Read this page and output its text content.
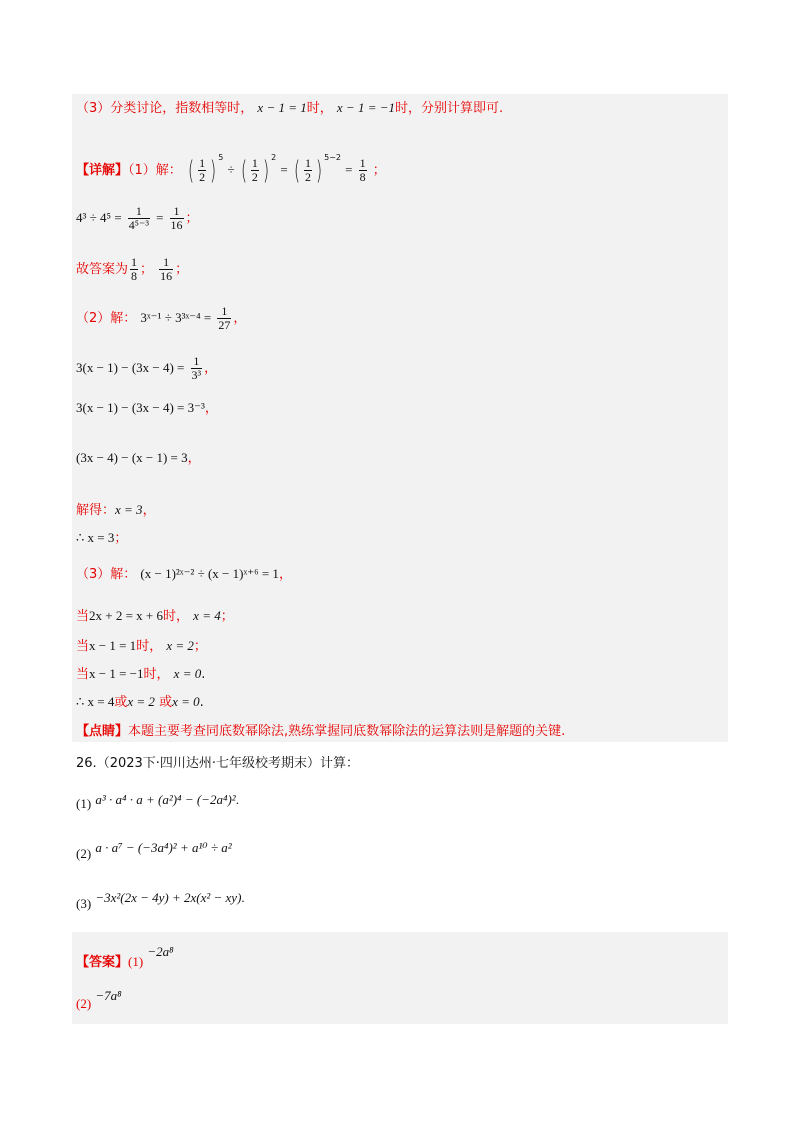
（3）分类讨论，指数相等时， x − 1 = 1时， x − 1 = −1时，分别计算即可.
【详解】（1）解： ( $\frac{1}{2}$ ) $^5$ ÷ ( $\frac{1}{2}$ ) $^2$ = ( $\frac{1}{2}$ ) $^{5-2} = \frac{1}{8}$ ；
$4^3 \div 4^5 = \frac{1}{\text{4⁵⁻³}} = \frac{1}{16}$ ；
故答案为 $\frac{1}{8}$ ； $\frac{1}{16}$ ；
（2）解： 3ˣ⁻¹ ÷ 3³ˣ⁻⁴ = $\frac{1}{27}$ ，
$3(x - 1) - (3x - 4) = \frac{1}{\text{3³}}$ ，
3(x − 1) − (3x − 4) = 3⁻³，
(3x − 4) − (x − 1) = 3，
解得：x = 3，
∴ x = 3；
（3）解： (x − 1)²ˣ⁻² ÷ (x − 1)ˣ⁺⁶ = 1，
当2x + 2 = x + 6时， x = 4；
当x − 1 = 1时， x = 2；
当x − 1 = −1时， x = 0.
∴ x = 4或x = 2 或x = 0.
【点睛】本题主要考查同底数幂除法,熟练掌握同底数幂除法的运算法则是解题的关键.
26.（2023下·四川达州·七年级校考期末）计算：
(1) a³ · a⁴ · a + (a²)⁴ − (−2a⁴)².
(2) a · a⁷ − (−3a⁴)² + a¹⁰ ÷ a²
(3) −3x²(2x − 4y) + 2x(x² − xy).
【答案】(1) −2a⁸
(2) −7a⁸
